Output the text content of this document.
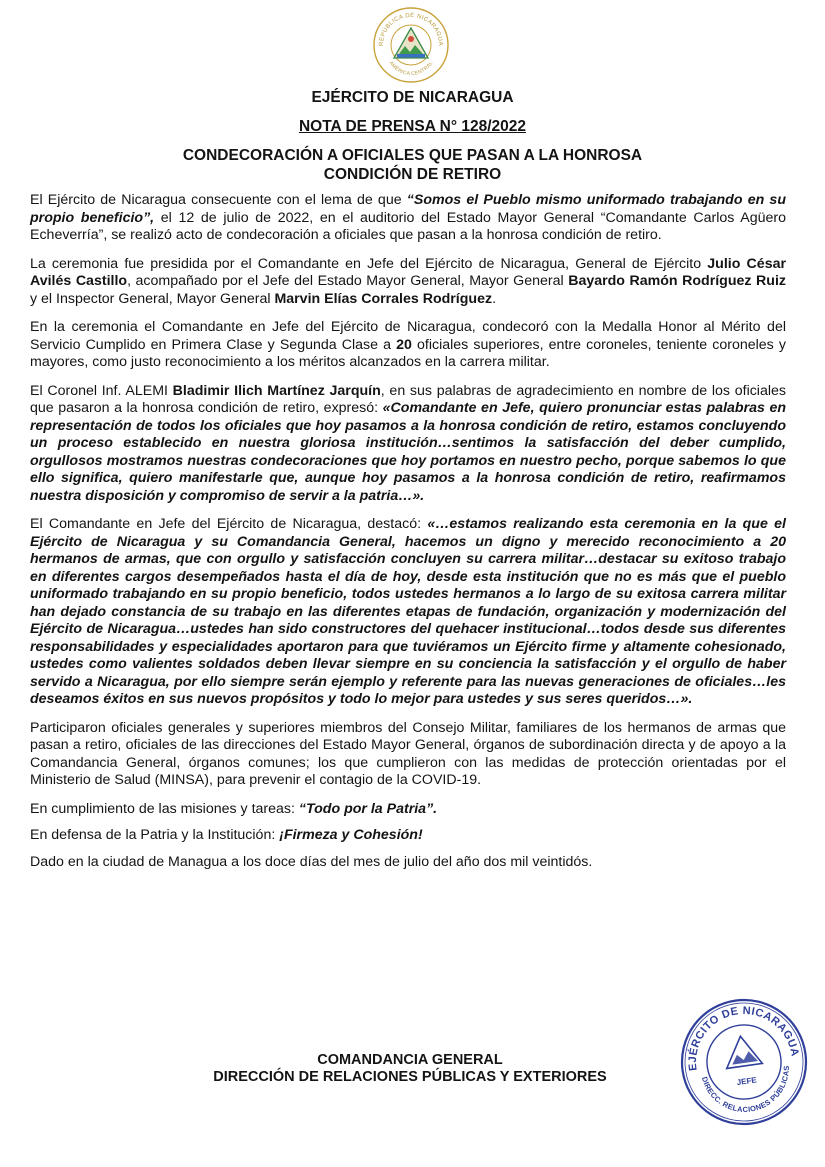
REPÚBLICA DE NICARAGUA
AMÉRICA CENTRAL
EJÉRCITO DE NICARAGUA
NOTA DE PRENSA N° 128/2022
CONDECORACIÓN A OFICIALES QUE PASAN A LA HONROSA
CONDICIÓN DE RETIRO

El Ejército de Nicaragua consecuente con el lema de que “Somos el Pueblo mismo uniformado trabajando en su propio beneficio”, el 12 de julio de 2022, en el auditorio del Estado Mayor General “Comandante Carlos Agüero Echeverría”, se realizó acto de condecoración a oficiales que pasan a la honrosa condición de retiro.

La ceremonia fue presidida por el Comandante en Jefe del Ejército de Nicaragua, General de Ejército Julio César Avilés Castillo, acompañado por el Jefe del Estado Mayor General, Mayor General Bayardo Ramón Rodríguez Ruiz y el Inspector General, Mayor General Marvin Elías Corrales Rodríguez.

En la ceremonia el Comandante en Jefe del Ejército de Nicaragua, condecoró con la Medalla Honor al Mérito del Servicio Cumplido en Primera Clase y Segunda Clase a 20 oficiales superiores, entre coroneles, teniente coroneles y mayores, como justo reconocimiento a los méritos alcanzados en la carrera militar.

El Coronel Inf. ALEMI Bladimir Ilich Martínez Jarquín, en sus palabras de agradecimiento en nombre de los oficiales que pasaron a la honrosa condición de retiro, expresó: «Comandante en Jefe, quiero pronunciar estas palabras en representación de todos los oficiales que hoy pasamos a la honrosa condición de retiro, estamos concluyendo un proceso establecido en nuestra gloriosa institución…sentimos la satisfacción del deber cumplido, orgullosos mostramos nuestras condecoraciones que hoy portamos en nuestro pecho, porque sabemos lo que ello significa, quiero manifestarle que, aunque hoy pasamos a la honrosa condición de retiro, reafirmamos nuestra disposición y compromiso de servir a la patria…».

El Comandante en Jefe del Ejército de Nicaragua, destacó: «…estamos realizando esta ceremonia en la que el Ejército de Nicaragua y su Comandancia General, hacemos un digno y merecido reconocimiento a 20 hermanos de armas, que con orgullo y satisfacción concluyen su carrera militar…destacar su exitoso trabajo en diferentes cargos desempeñados hasta el día de hoy, desde esta institución que no es más que el pueblo uniformado trabajando en su propio beneficio, todos ustedes hermanos a lo largo de su exitosa carrera militar han dejado constancia de su trabajo en las diferentes etapas de fundación, organización y modernización del Ejército de Nicaragua…ustedes han sido constructores del quehacer institucional…todos desde sus diferentes responsabilidades y especialidades aportaron para que tuviéramos un Ejército firme y altamente cohesionado, ustedes como valientes soldados deben llevar siempre en su conciencia la satisfacción y el orgullo de haber servido a Nicaragua, por ello siempre serán ejemplo y referente para las nuevas generaciones de oficiales…les deseamos éxitos en sus nuevos propósitos y todo lo mejor para ustedes y sus seres queridos…».

Participaron oficiales generales y superiores miembros del Consejo Militar, familiares de los hermanos de armas que pasan a retiro, oficiales de las direcciones del Estado Mayor General, órganos de subordinación directa y de apoyo a la Comandancia General, órganos comunes; los que cumplieron con las medidas de protección orientadas por el Ministerio de Salud (MINSA), para prevenir el contagio de la COVID-19.

En cumplimiento de las misiones y tareas: “Todo por la Patria”.

En defensa de la Patria y la Institución: ¡Firmeza y Cohesión!

Dado en la ciudad de Managua a los doce días del mes de julio del año dos mil veintidós.

COMANDANCIA GENERAL
DIRECCIÓN DE RELACIONES PÚBLICAS Y EXTERIORES
EJÉRCITO DE NICARAGUA
DIRECC. RELACIONES PÚBLICAS
JEFE
